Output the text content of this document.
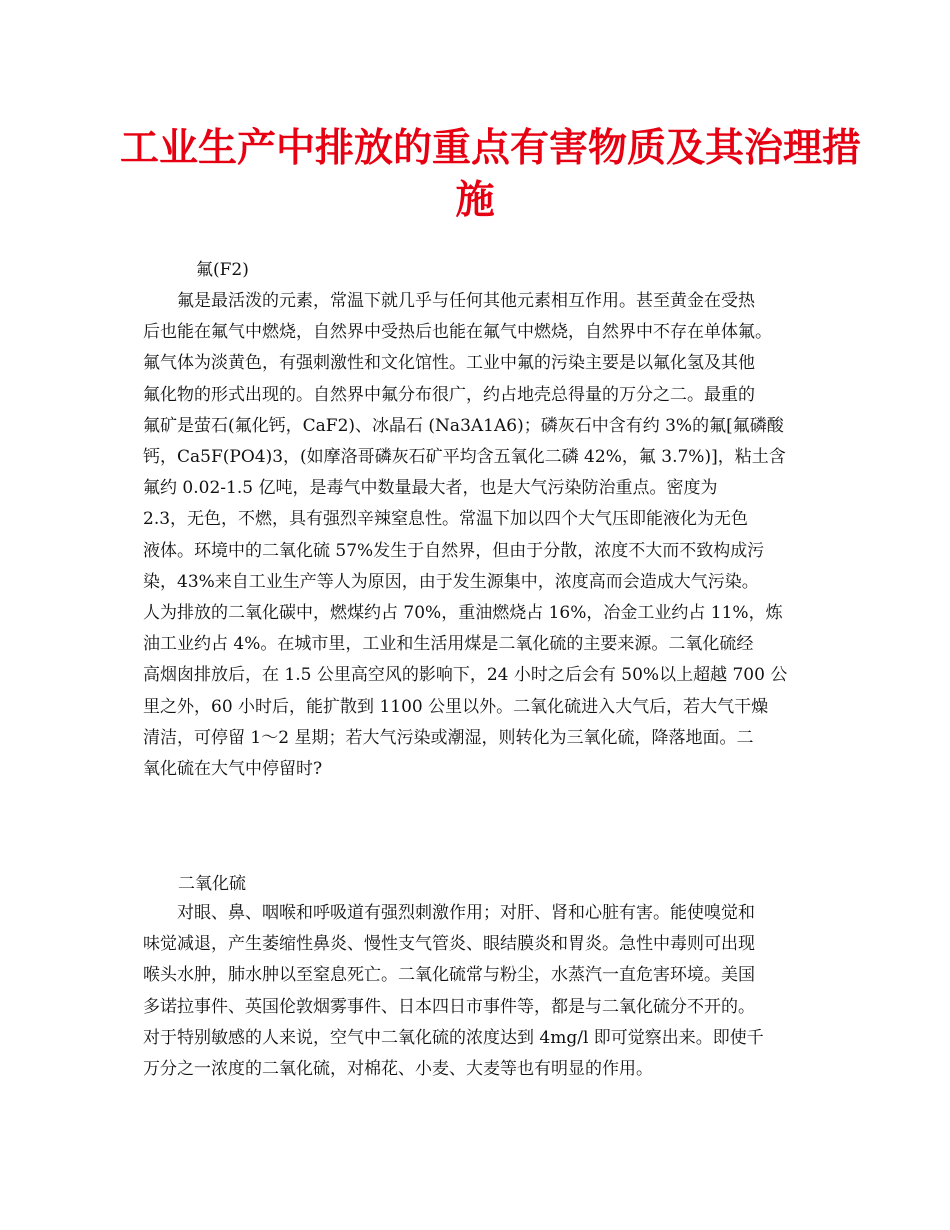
工业生产中排放的重点有害物质及其治理措
施
氟(F2)
氟是最活泼的元素，常温下就几乎与任何其他元素相互作用。甚至黄金在受热
后也能在氟气中燃烧，自然界中受热后也能在氟气中燃烧，自然界中不存在单体氟。
氟气体为淡黄色，有强刺激性和文化馆性。工业中氟的污染主要是以氟化氢及其他
氟化物的形式出现的。自然界中氟分布很广，约占地壳总得量的万分之二。最重的
氟矿是萤石(氟化钙，CaF2)、冰晶石 (Na3A1A6)；磷灰石中含有约 3%的氟[氟磷酸
钙，Ca5F(PO4)3，(如摩洛哥磷灰石矿平均含五氧化二磷 42%，氟 3.7%)]，粘土含
氟约 0.02-1.5 亿吨，是毒气中数量最大者，也是大气污染防治重点。密度为
2.3，无色，不燃，具有强烈辛辣窒息性。常温下加以四个大气压即能液化为无色
液体。环境中的二氧化硫 57%发生于自然界，但由于分散，浓度不大而不致构成污
染，43%来自工业生产等人为原因，由于发生源集中，浓度高而会造成大气污染。
人为排放的二氧化碳中，燃煤约占 70%，重油燃烧占 16%，冶金工业约占 11%，炼
油工业约占 4%。在城市里，工业和生活用煤是二氧化硫的主要来源。二氧化硫经
高烟囱排放后，在 1.5 公里高空风的影响下，24 小时之后会有 50%以上超越 700 公
里之外，60 小时后，能扩散到 1100 公里以外。二氧化硫进入大气后，若大气干燥
清洁，可停留 1～2 星期；若大气污染或潮湿，则转化为三氧化硫，降落地面。二
氧化硫在大气中停留时?
二氧化硫
对眼、鼻、咽喉和呼吸道有强烈刺激作用；对肝、肾和心脏有害。能使嗅觉和
味觉减退，产生萎缩性鼻炎、慢性支气管炎、眼结膜炎和胃炎。急性中毒则可出现
喉头水肿，肺水肿以至窒息死亡。二氧化硫常与粉尘，水蒸汽一直危害环境。美国
多诺拉事件、英国伦敦烟雾事件、日本四日市事件等，都是与二氧化硫分不开的。
对于特别敏感的人来说，空气中二氧化硫的浓度达到 4mg/l 即可觉察出来。即使千
万分之一浓度的二氧化硫，对棉花、小麦、大麦等也有明显的作用。
